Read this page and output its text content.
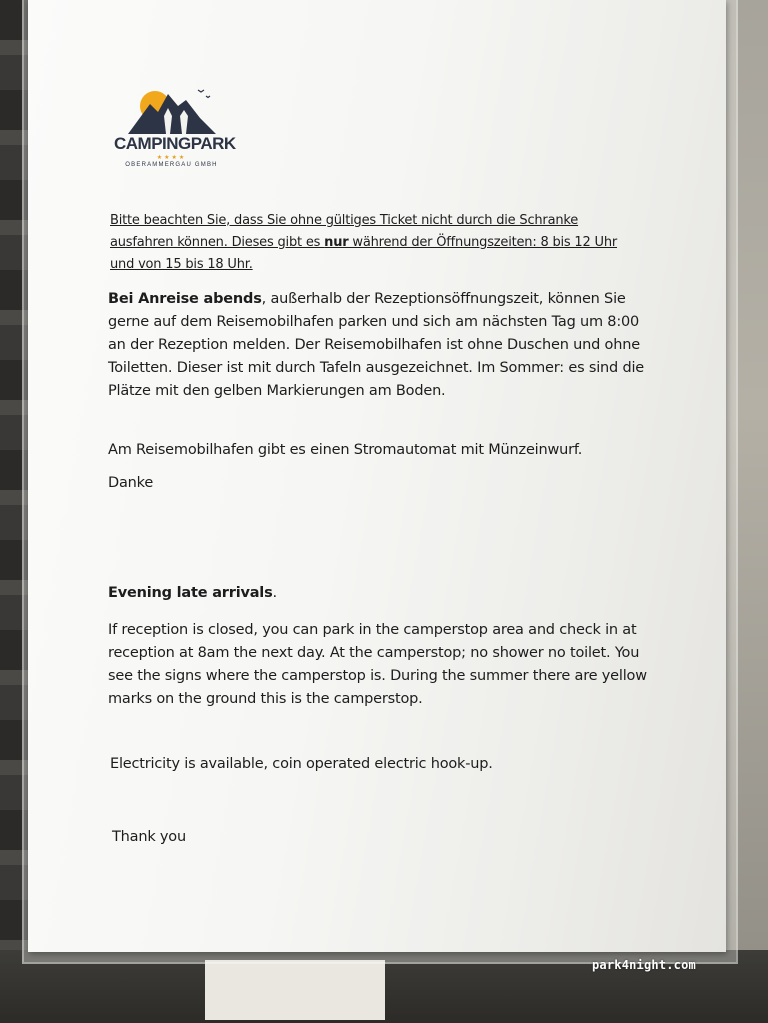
CAMPINGPARK
★★★★
OBERAMMERGAU GMBH
Bitte beachten Sie, dass Sie ohne gültiges Ticket nicht durch die Schranke
ausfahren können. Dieses gibt es nur während der Öffnungszeiten: 8 bis 12 Uhr
und von 15 bis 18 Uhr.
Bei Anreise abends, außerhalb der Rezeptionsöffnungszeit, können Sie gerne auf dem Reisemobilhafen parken und sich am nächsten Tag um 8:00 an der Rezeption melden. Der Reisemobilhafen ist ohne Duschen und ohne Toiletten. Dieser ist mit durch Tafeln ausgezeichnet. Im Sommer: es sind die Plätze mit den gelben Markierungen am Boden.
Am Reisemobilhafen gibt es einen Stromautomat mit Münzeinwurf.
Danke
Evening late arrivals.
If reception is closed, you can park in the camperstop area and check in at reception at 8am the next day. At the camperstop; no shower no toilet. You see the signs where the camperstop is. During the summer there are yellow marks on the ground this is the camperstop.
Electricity is available, coin operated electric hook-up.
Thank you
park4night.com
